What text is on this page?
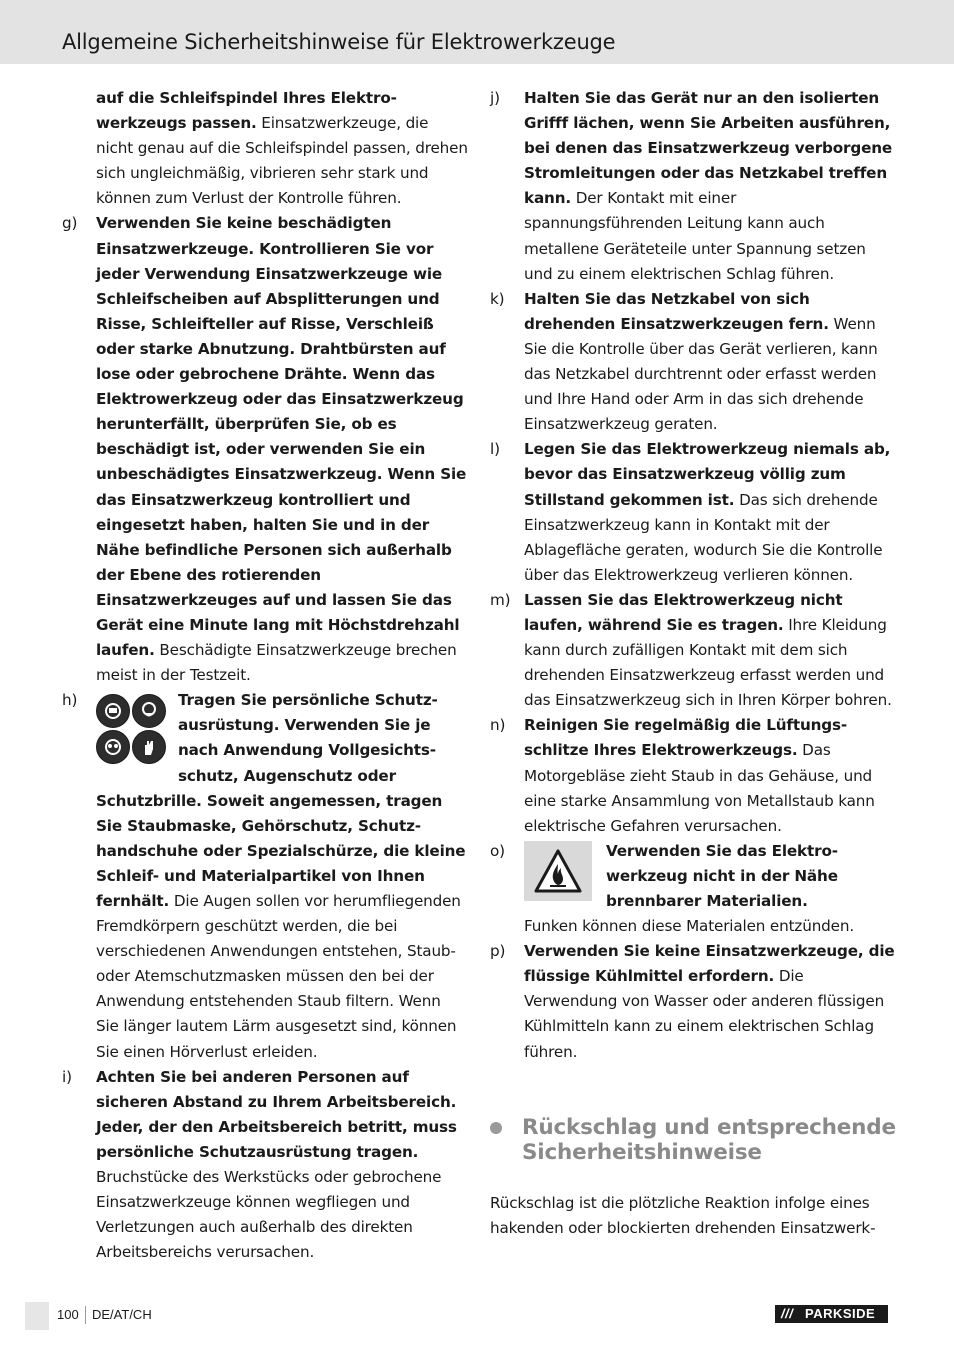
Allgemeine Sicherheitshinweise für Elektrowerkzeuge
auf die Schleifspindel Ihres Elektrowerkzeugs passen. Einsatzwerkzeuge, die nicht genau auf die Schleifspindel passen, drehen sich ungleichmäßig, vibrieren sehr stark und können zum Verlust der Kontrolle führen.
g) Verwenden Sie keine beschädigten Einsatzwerkzeuge. Kontrollieren Sie vor jeder Verwendung Einsatzwerkzeuge wie Schleifscheiben auf Absplitterungen und Risse, Schleifteller auf Risse, Verschleiß oder starke Abnutzung. Drahtbürsten auf lose oder gebrochene Drähte. Wenn das Elektrowerkzeug oder das Einsatzwerkzeug herunterfällt, überprüfen Sie, ob es beschädigt ist, oder verwenden Sie ein unbeschädigtes Einsatzwerkzeug. Wenn Sie das Einsatzwerkzeug kontrolliert und eingesetzt haben, halten Sie und in der Nähe befindliche Personen sich außerhalb der Ebene des rotierenden Einsatzwerkzeuges auf und lassen Sie das Gerät eine Minute lang mit Höchstdrehzahl laufen. Beschädigte Einsatzwerkzeuge brechen meist in der Testzeit.
h)	Tragen Sie persönliche Schutzausrüstung. Verwenden Sie je nach Anwendung Vollgesichtsschutz, Augenschutz oder Schutzbrille. Soweit angemessen, tragen Sie Staubmaske, Gehörschutz, Schutzhandschuhe oder Spezialschürze, die kleine Schleif- und Materialpartikel von Ihnen fernhält. Die Augen sollen vor herumfliegenden Fremdkörpern geschützt werden, die bei verschiedenen Anwendungen entstehen, Staub- oder Atemschutzmasken müssen den bei der Anwendung entstehenden Staub filtern. Wenn Sie länger lautem Lärm ausgesetzt sind, können Sie einen Hörverlust erleiden.
i) Achten Sie bei anderen Personen auf sicheren Abstand zu Ihrem Arbeitsbereich. Jeder, der den Arbeitsbereich betritt, muss persönliche Schutzausrüstung tragen. Bruchstücke des Werkstücks oder gebrochene Einsatzwerkzeuge können wegfliegen und Verletzungen auch außerhalb des direkten Arbeitsbereichs verursachen.
j) Halten Sie das Gerät nur an den isolierten Grifff lächen, wenn Sie Arbeiten ausführen, bei denen das Einsatzwerkzeug verborgene Stromleitungen oder das Netzkabel treffen kann. Der Kontakt mit einer spannungsführenden Leitung kann auch metallene Geräteteile unter Spannung setzen und zu einem elektrischen Schlag führen.
k) Halten Sie das Netzkabel von sich drehenden Einsatzwerkzeugen fern. Wenn Sie die Kontrolle über das Gerät verlieren, kann das Netzkabel durchtrennt oder erfasst werden und Ihre Hand oder Arm in das sich drehende Einsatzwerkzeug geraten.
l) Legen Sie das Elektrowerkzeug niemals ab, bevor das Einsatzwerkzeug völlig zum Stillstand gekommen ist. Das sich drehende Einsatzwerkzeug kann in Kontakt mit der Ablagefläche geraten, wodurch Sie die Kontrolle über das Elektrowerkzeug verlieren können.
m) Lassen Sie das Elektrowerkzeug nicht laufen, während Sie es tragen. Ihre Kleidung kann durch zufälligen Kontakt mit dem sich drehenden Einsatzwerkzeug erfasst werden und das Einsatzwerkzeug sich in Ihren Körper bohren.
n) Reinigen Sie regelmäßig die Lüftungsschlitze Ihres Elektrowerkzeugs. Das Motorgebläse zieht Staub in das Gehäuse, und eine starke Ansammlung von Metallstaub kann elektrische Gefahren verursachen.
o)	Verwenden Sie das Elektrowerkzeug nicht in der Nähe brennbarer Materialien.
Funken können diese Materialen entzünden.
p) Verwenden Sie keine Einsatzwerkzeuge, die flüssige Kühlmittel erfordern. Die Verwendung von Wasser oder anderen flüssigen Kühlmitteln kann zu einem elektrischen Schlag führen.
Rückschlag und entsprechende Sicherheitshinweise
Rückschlag ist die plötzliche Reaktion infolge eines hakenden oder blockierten drehenden Einsatzwerk-
100 DE/AT/CH	/// PARKSIDE
